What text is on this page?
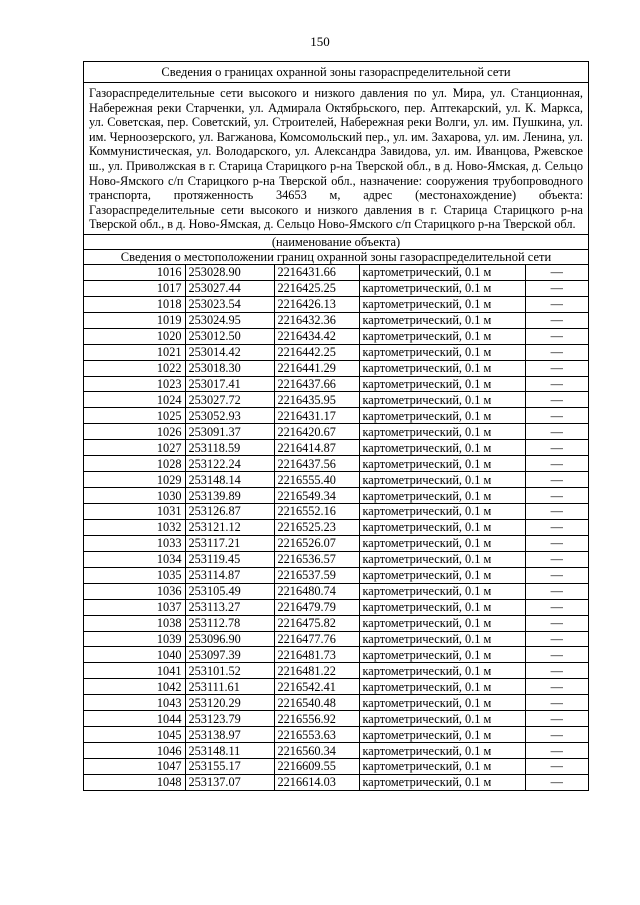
150
Сведения о границах охранной зоны газораспределительной сети
Газораспределительные сети высокого и низкого давления по ул. Мира, ул. Станционная, Набережная реки Старченки, ул. Адмирала Октябрьского, пер. Аптекарский, ул. К. Маркса, ул. Советская, пер. Советский, ул. Строителей, Набережная реки Волги, ул. им. Пушкина, ул. им. Черноозерского, ул. Вагжанова, Комсомольский пер., ул. им. Захарова, ул. им. Ленина, ул. Коммунистическая, ул. Володарского, ул. Александра Завидова, ул. им. Иванцова, Ржевское ш., ул. Приволжская в г. Старица Старицкого р-на Тверской обл., в д. Ново-Ямская, д. Сельцо Ново-Ямского с/п Старицкого р-на Тверской обл., назначение: сооружения трубопроводного транспорта, протяженность 34653 м, адрес (местонахождение) объекта: Газораспределительные сети высокого и низкого давления в г. Старица Старицкого р-на Тверской обл., в д. Ново-Ямская, д. Сельцо Ново-Ямского с/п Старицкого р-на Тверской обл.
(наименование объекта)
Сведения о местоположении границ охранной зоны газораспределительной сети
1016	253028.90	2216431.66	картометрический, 0.1 м	—
1017	253027.44	2216425.25	картометрический, 0.1 м	—
1018	253023.54	2216426.13	картометрический, 0.1 м	—
1019	253024.95	2216432.36	картометрический, 0.1 м	—
1020	253012.50	2216434.42	картометрический, 0.1 м	—
1021	253014.42	2216442.25	картометрический, 0.1 м	—
1022	253018.30	2216441.29	картометрический, 0.1 м	—
1023	253017.41	2216437.66	картометрический, 0.1 м	—
1024	253027.72	2216435.95	картометрический, 0.1 м	—
1025	253052.93	2216431.17	картометрический, 0.1 м	—
1026	253091.37	2216420.67	картометрический, 0.1 м	—
1027	253118.59	2216414.87	картометрический, 0.1 м	—
1028	253122.24	2216437.56	картометрический, 0.1 м	—
1029	253148.14	2216555.40	картометрический, 0.1 м	—
1030	253139.89	2216549.34	картометрический, 0.1 м	—
1031	253126.87	2216552.16	картометрический, 0.1 м	—
1032	253121.12	2216525.23	картометрический, 0.1 м	—
1033	253117.21	2216526.07	картометрический, 0.1 м	—
1034	253119.45	2216536.57	картометрический, 0.1 м	—
1035	253114.87	2216537.59	картометрический, 0.1 м	—
1036	253105.49	2216480.74	картометрический, 0.1 м	—
1037	253113.27	2216479.79	картометрический, 0.1 м	—
1038	253112.78	2216475.82	картометрический, 0.1 м	—
1039	253096.90	2216477.76	картометрический, 0.1 м	—
1040	253097.39	2216481.73	картометрический, 0.1 м	—
1041	253101.52	2216481.22	картометрический, 0.1 м	—
1042	253111.61	2216542.41	картометрический, 0.1 м	—
1043	253120.29	2216540.48	картометрический, 0.1 м	—
1044	253123.79	2216556.92	картометрический, 0.1 м	—
1045	253138.97	2216553.63	картометрический, 0.1 м	—
1046	253148.11	2216560.34	картометрический, 0.1 м	—
1047	253155.17	2216609.55	картометрический, 0.1 м	—
1048	253137.07	2216614.03	картометрический, 0.1 м	—
